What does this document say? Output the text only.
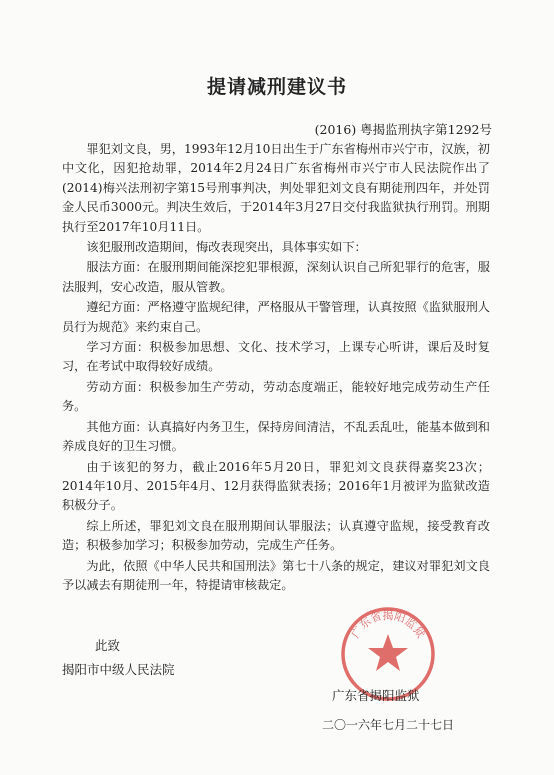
提请减刑建议书
(2016) 粤揭监刑执字第1292号

罪犯刘文良，男，1993年12月10日出生于广东省梅州市兴宁市，汉族，初中文化，因犯抢劫罪，2014年2月24日广东省梅州市兴宁市人民法院作出了(2014)梅兴法刑初字第15号刑事判决，判处罪犯刘文良有期徒刑四年，并处罚金人民币3000元。判决生效后，于2014年3月27日交付我监狱执行刑罚。刑期执行至2017年10月11日。

该犯服刑改造期间，悔改表现突出，具体事实如下：

服法方面：在服刑期间能深挖犯罪根源，深刻认识自己所犯罪行的危害，服法服判，安心改造，服从管教。

遵纪方面：严格遵守监规纪律，严格服从干警管理，认真按照《监狱服刑人员行为规范》来约束自己。

学习方面：积极参加思想、文化、技术学习，上课专心听讲，课后及时复习，在考试中取得较好成绩。

劳动方面：积极参加生产劳动，劳动态度端正，能较好地完成劳动生产任务。

其他方面：认真搞好内务卫生，保持房间清洁，不乱丢乱吐，能基本做到和养成良好的卫生习惯。

由于该犯的努力，截止2016年5月20日，罪犯刘文良获得嘉奖23次；2014年10月、2015年4月、12月获得监狱表扬；2016年1月被评为监狱改造积极分子。

综上所述，罪犯刘文良在服刑期间认罪服法；认真遵守监规，接受教育改造；积极参加学习；积极参加劳动，完成生产任务。

为此，依照《中华人民共和国刑法》第七十八条的规定，建议对罪犯刘文良予以减去有期徒刑一年，特提请审核裁定。

此致
揭阳市中级人民法院
广东省揭阳监狱
广东省揭阳监狱
二〇一六年七月二十七日
